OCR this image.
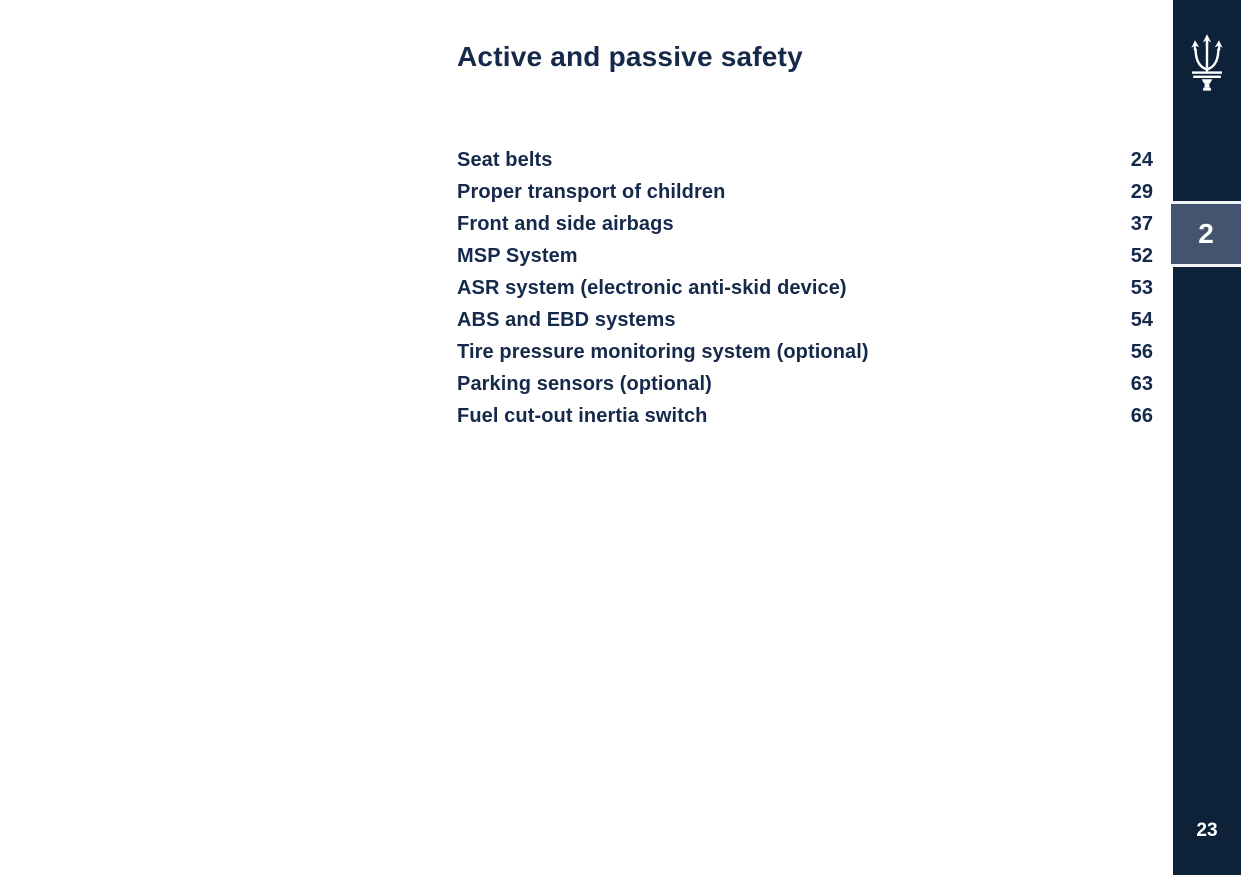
Active and passive safety
Seat belts	24
Proper transport of children	29
Front and side airbags	37
MSP System	52
ASR system (electronic anti-skid device)	53
ABS and EBD systems	54
Tire pressure monitoring system (optional)	56
Parking sensors (optional)	63
Fuel cut-out inertia switch	66
2
23
